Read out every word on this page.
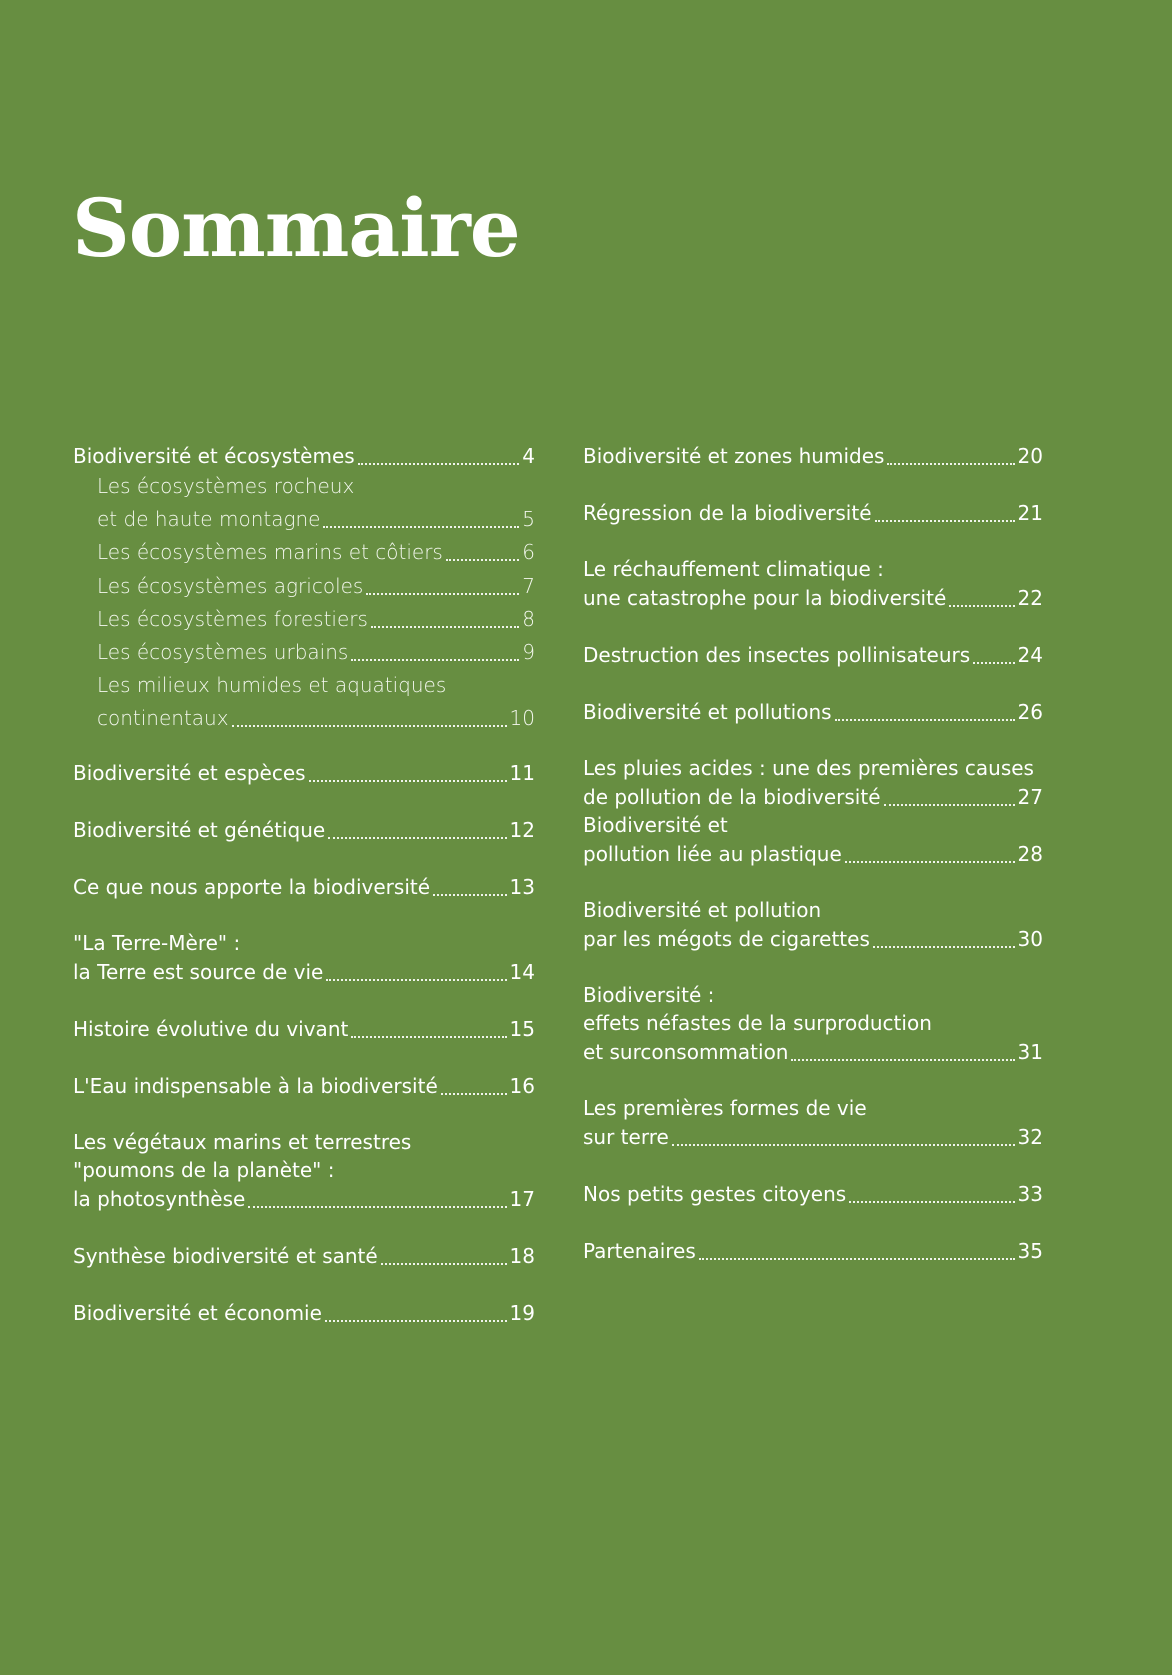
Sommaire
Biodiversité et écosystèmes	4
Les écosystèmes rocheux
et de haute montagne	5
Les écosystèmes marins et côtiers	6
Les écosystèmes agricoles	7
Les écosystèmes forestiers	8
Les écosystèmes urbains	9
Les milieux humides et aquatiques
continentaux	10
Biodiversité et espèces	11
Biodiversité et génétique	12
Ce que nous apporte la biodiversité	13
"La Terre-Mère" :
la Terre est source de vie	14
Histoire évolutive du vivant	15
L'Eau indispensable à la biodiversité	16
Les végétaux marins et terrestres
"poumons de la planète" :
la photosynthèse	17
Synthèse biodiversité et santé	18
Biodiversité et économie	19
Biodiversité et zones humides	20
Régression de la biodiversité	21
Le réchauffement climatique :
une catastrophe pour la biodiversité	22
Destruction des insectes pollinisateurs 24
Biodiversité et pollutions	26
Les pluies acides : une des premières causes
de pollution de la biodiversité	27
Biodiversité et
pollution liée au plastique	28
Biodiversité et pollution
par les mégots de cigarettes	30
Biodiversité :
effets néfastes de la surproduction
et surconsommation	31
Les premières formes de vie
sur terre	32
Nos petits gestes citoyens	33
Partenaires	35
